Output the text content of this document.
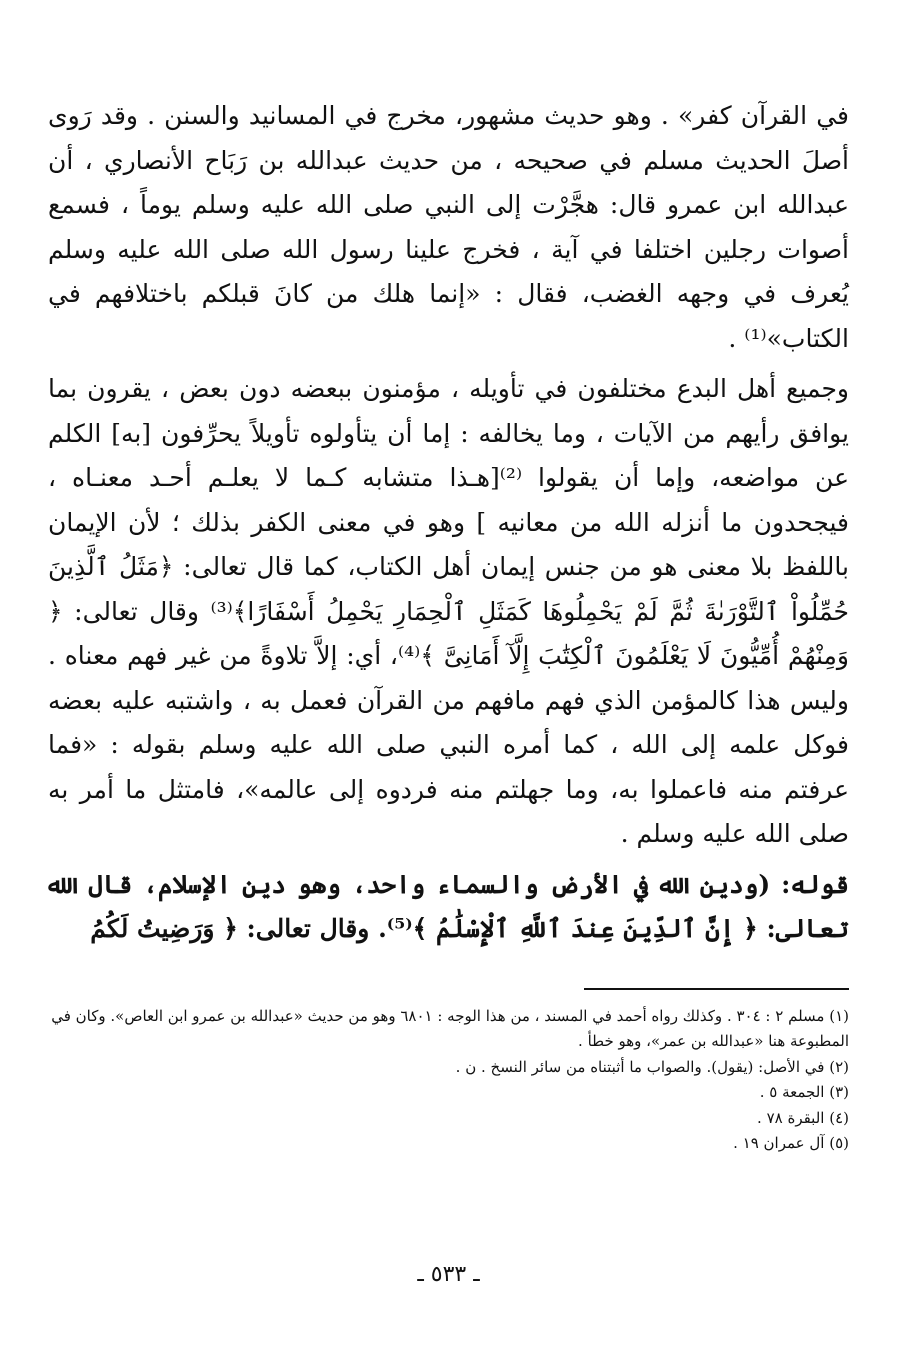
في القرآن كفر» . وهو حديث مشهور، مخرج في المسانيد والسنن . وقد رَوى أصلَ الحديث مسلم في صحيحه ، من حديث عبدالله بن رَبَاح الأنصاري ، أن عبدالله ابن عمرو قال: هجَّرْت إلى النبي صلى الله عليه وسلم يوماً ، فسمع أصوات رجلين اختلفا في آية ، فخرج علينا رسول الله صلى الله عليه وسلم يُعرف في وجهه الغضب، فقال : «إنما هلك من كانَ قبلكم باختلافهم في الكتاب»⁽¹⁾ .

وجميع أهل البدع مختلفون في تأويله ، مؤمنون ببعضه دون بعض ، يقرون بما يوافق رأيهم من الآيات ، وما يخالفه : إما أن يتأولوه تأويلاً يحرِّفون [به] الكلم عن مواضعه، وإما أن يقولوا ⁽²⁾[هـذا متشابه كـما لا يعلـم أحـد معنـاه ، فيجحدون ما أنزله الله من معانيه ] وهو في معنى الكفر بذلك ؛ لأن الإيمان باللفظ بلا معنى هو من جنس إيمان أهل الكتاب، كما قال تعالى: ﴿مَثَلُ ٱلَّذِينَ حُمِّلُواْ ٱلتَّوْرَىٰةَ ثُمَّ لَمْ يَحْمِلُوهَا كَمَثَلِ ٱلْحِمَارِ يَحْمِلُ أَسْفَارًا﴾⁽³⁾ وقال تعالى: ﴿ وَمِنْهُمْ أُمِّيُّونَ لَا يَعْلَمُونَ ٱلْكِتَٰبَ إِلَّآ أَمَانِىَّ ﴾⁽⁴⁾، أي: إلاَّ تلاوةً من غير فهم معناه . وليس هذا كالمؤمن الذي فهم مافهم من القرآن فعمل به ، واشتبه عليه بعضه فوكل علمه إلى الله ، كما أمره النبي صلى الله عليه وسلم بقوله : «فما عرفتم منه فاعملوا به، وما جهلتم منه فردوه إلى عالمه»، فامتثل ما أمر به صلى الله عليه وسلم .

قوله: (ودين الله في الأرض والسماء واحد، وهو دين الإسلام، قال الله تعالى: ﴿ إِنَّ ٱلدِّينَ عِندَ ٱللَّهِ ٱلْإِسْلَٰمُ ﴾⁽⁵⁾. وقال تعالى: ﴿ وَرَضِيتُ لَكُمُ

(١) مسلم ٢ : ٣٠٤ . وكذلك رواه أحمد في المسند ، من هذا الوجه : ٦٨٠١ وهو من حديث «عبدالله بن عمرو ابن العاص». وكان في المطبوعة هنا «عبدالله بن عمر»، وهو خطأ .

(٢) في الأصل: (يقول). والصواب ما أثبتناه من سائر النسخ . ن .

(٣) الجمعة ٥ .

(٤) البقرة ٧٨ .

(٥) آل عمران ١٩ .

ـ ٥٣٣ ـ
